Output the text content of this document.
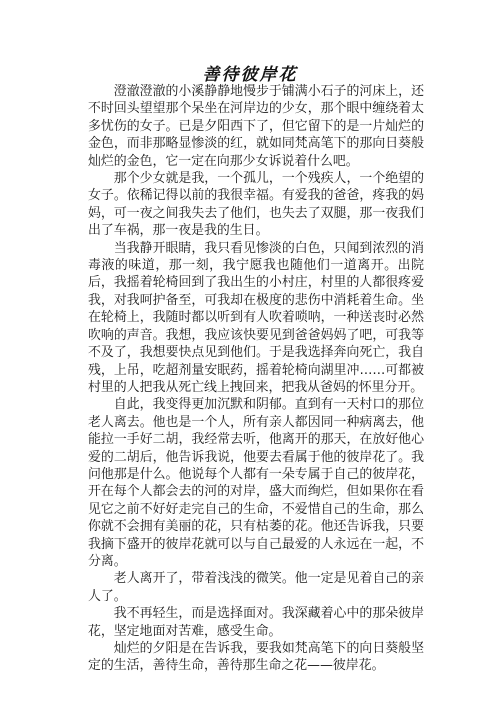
善待彼岸花

澄澈澄澈的小溪静静地慢步于铺满小石子的河床上，还不时回头望望那个呆坐在河岸边的少女，那个眼中缠绕着太多忧伤的女子。已是夕阳西下了，但它留下的是一片灿烂的金色，而非那略显惨淡的红，就如同梵高笔下的那向日葵般灿烂的金色，它一定在向那少女诉说着什么吧。

那个少女就是我，一个孤儿，一个残疾人，一个绝望的女子。依稀记得以前的我很幸福。有爱我的爸爸，疼我的妈妈，可一夜之间我失去了他们，也失去了双腿，那一夜我们出了车祸，那一夜是我的生日。

当我静开眼睛，我只看见惨淡的白色，只闻到浓烈的消毒液的味道，那一刻，我宁愿我也随他们一道离开。出院后，我摇着轮椅回到了我出生的小村庄，村里的人都很疼爱我，对我呵护备至，可我却在极度的悲伤中消耗着生命。坐在轮椅上，我随时都以听到有人吹着唢呐，一种送丧时必然吹响的声音。我想，我应该快要见到爸爸妈妈了吧，可我等不及了，我想要快点见到他们。于是我选择奔向死亡，我自残，上吊，吃超剂量安眠药，摇着轮椅向湖里冲……可都被村里的人把我从死亡线上拽回来，把我从爸妈的怀里分开。

自此，我变得更加沉默和阴郁。直到有一天村口的那位老人离去。他也是一个人，所有亲人都因同一种病离去，他能拉一手好二胡，我经常去听，他离开的那天，在放好他心爱的二胡后，他告诉我说，他要去看属于他的彼岸花了。我问他那是什么。他说每个人都有一朵专属于自己的彼岸花，开在每个人都会去的河的对岸，盛大而绚烂，但如果你在看见它之前不好好走完自己的生命，不爱惜自己的生命，那么你就不会拥有美丽的花，只有枯萎的花。他还告诉我，只要我摘下盛开的彼岸花就可以与自己最爱的人永远在一起，不分离。

老人离开了，带着浅浅的微笑。他一定是见着自己的亲人了。

我不再轻生，而是选择面对。我深藏着心中的那朵彼岸花，坚定地面对苦难，感受生命。

灿烂的夕阳是在告诉我，要我如梵高笔下的向日葵般坚定的生活，善待生命，善待那生命之花——彼岸花。
